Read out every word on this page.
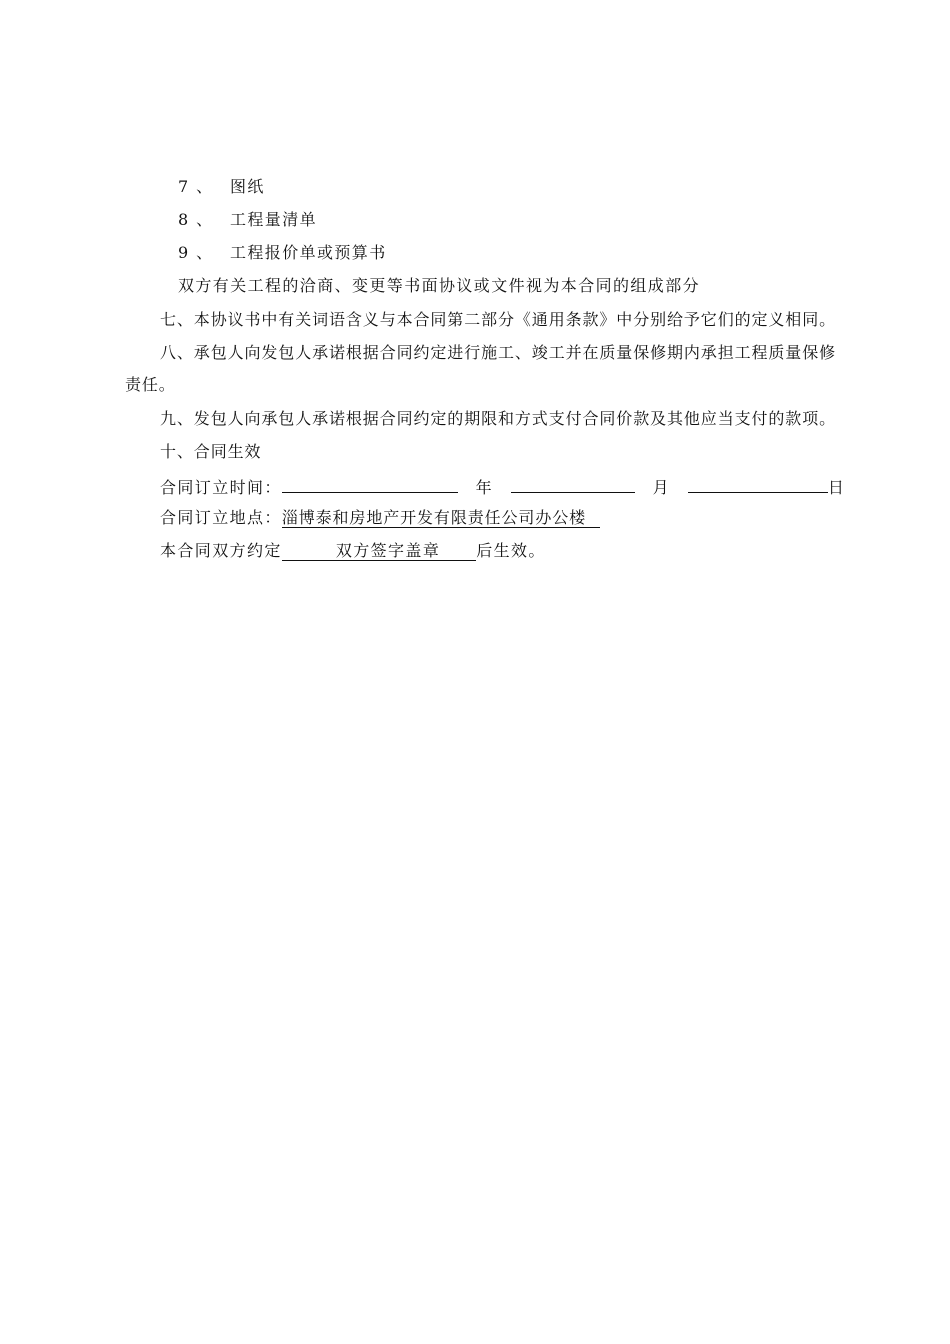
7 、 图纸
8 、 工程量清单
9 、 工程报价单或预算书
双方有关工程的洽商、变更等书面协议或文件视为本合同的组成部分
七、本协议书中有关词语含义与本合同第二部分《通用条款》中分别给予它们的定义相同。
八、承包人向发包人承诺根据合同约定进行施工、竣工并在质量保修期内承担工程质量保修
责任。
九、发包人向承包人承诺根据合同约定的期限和方式支付合同价款及其他应当支付的款项。
十、合同生效
合同订立时间：	年	月	日
合同订立地点：淄博泰和房地产开发有限责任公司办公楼
本合同双方约定	双方签字盖章 后生效。
